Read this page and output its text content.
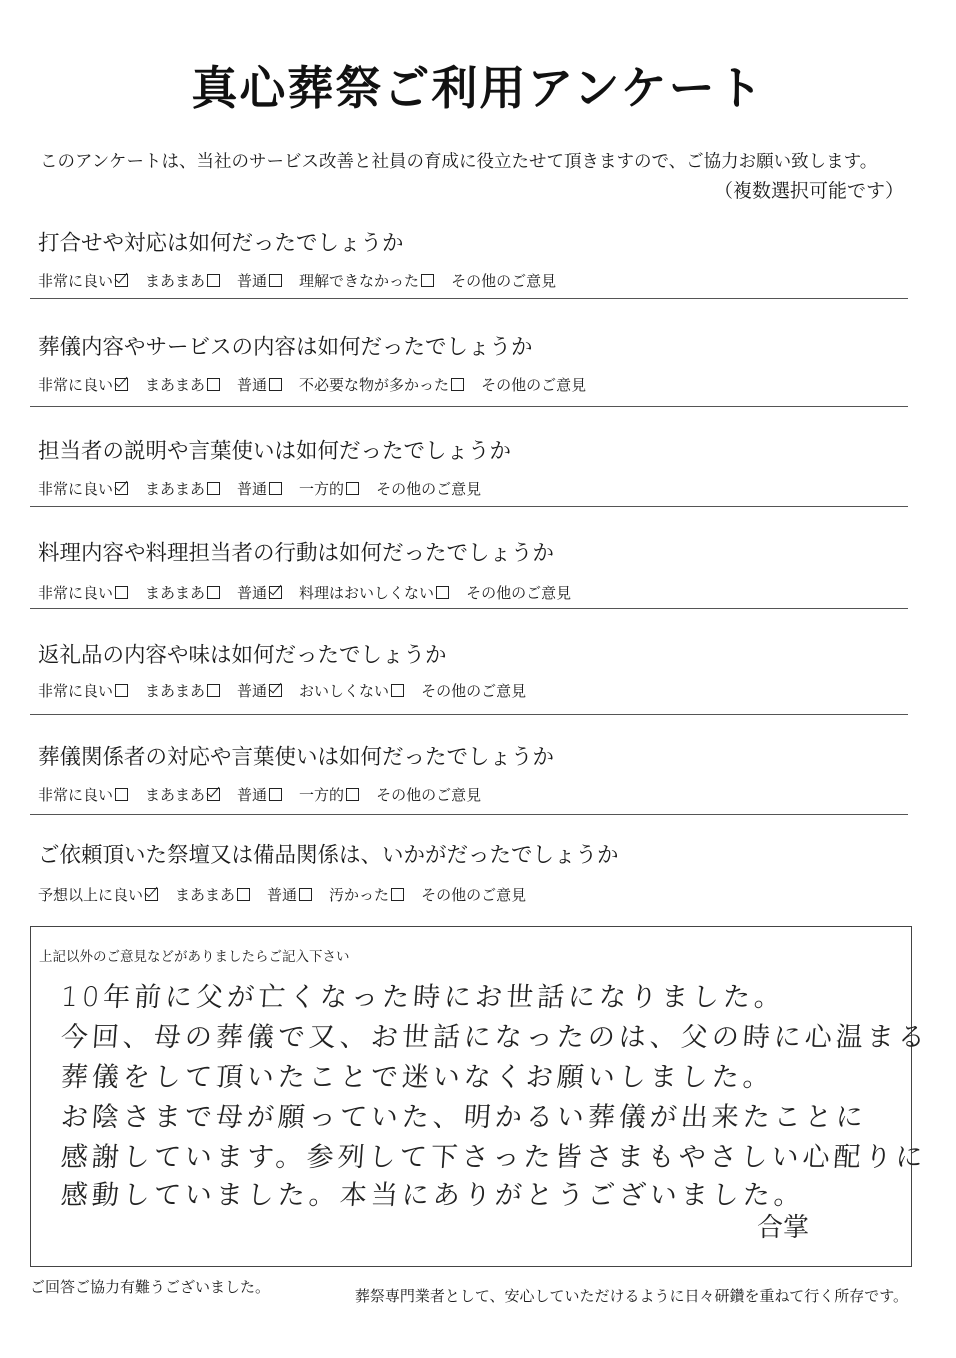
真心葬祭ご利用アンケート
このアンケートは、当社のサービス改善と社員の育成に役立たせて頂きますので、ご協力お願い致します。
（複数選択可能です）
打合せや対応は如何だったでしょうか
非常に良い まあまあ 普通 理解できなかった その他のご意見
葬儀内容やサービスの内容は如何だったでしょうか
非常に良い まあまあ 普通 不必要な物が多かった その他のご意見
担当者の説明や言葉使いは如何だったでしょうか
非常に良い まあまあ 普通 一方的 その他のご意見
料理内容や料理担当者の行動は如何だったでしょうか
非常に良い まあまあ 普通 料理はおいしくない その他のご意見
返礼品の内容や味は如何だったでしょうか
非常に良い まあまあ 普通 おいしくない その他のご意見
葬儀関係者の対応や言葉使いは如何だったでしょうか
非常に良い まあまあ 普通 一方的 その他のご意見
ご依頼頂いた祭壇又は備品関係は、いかがだったでしょうか
予想以上に良い まあまあ 普通 汚かった その他のご意見
上記以外のご意見などがありましたらご記入下さい
10年前に父が亡くなった時にお世話になりました。
今回、母の葬儀で又、お世話になったのは、父の時に心温まる
葬儀をして頂いたことで迷いなくお願いしました。
お陰さまで母が願っていた、明かるい葬儀が出来たことに
感謝しています。参列して下さった皆さまもやさしい心配りに
感動していました。本当にありがとうございました。
合掌
ご回答ご協力有難うございました。	葬祭専門業者として、安心していただけるように日々研鑽を重ねて行く所存です。
